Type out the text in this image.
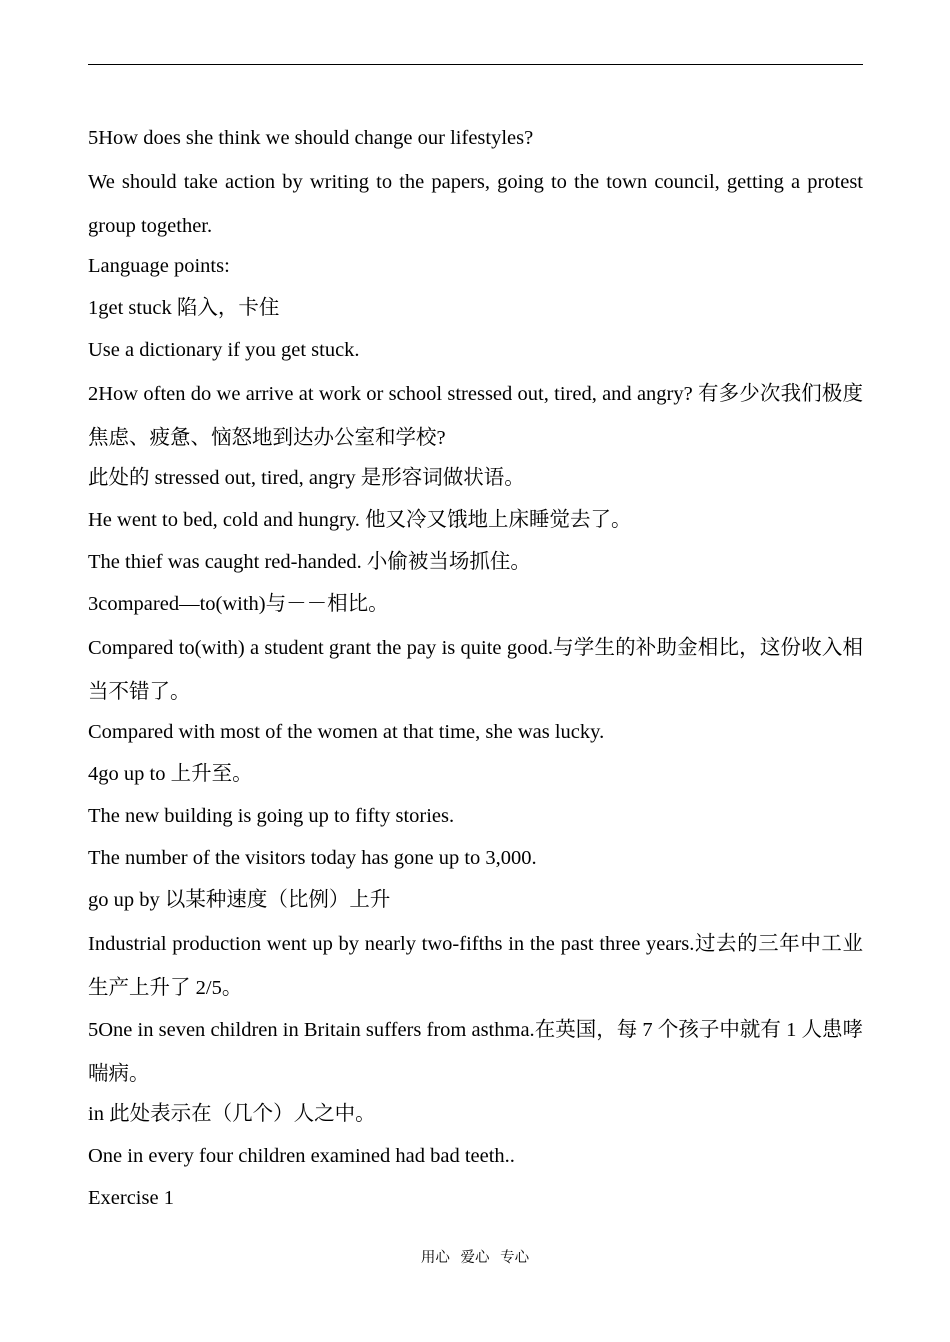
5How does she think we should change our lifestyles?
We should take action by writing to the papers, going to the town council, getting a protest group together.
Language points:
1get stuck 陷入，卡住
Use a dictionary if you get stuck.
2How often do we arrive at work or school stressed out, tired, and angry? 有多少次我们极度焦虑、疲惫、恼怒地到达办公室和学校?
此处的 stressed out, tired, angry 是形容词做状语。
He went to bed, cold and hungry. 他又冷又饿地上床睡觉去了。
The thief was caught red-handed. 小偷被当场抓住。
3compared—to(with)与－－相比。
Compared to(with) a student grant the pay is quite good.与学生的补助金相比，这份收入相当不错了。
Compared with most of the women at that time, she was lucky.
4go up to 上升至。
The new building is going up to fifty stories.
The number of the visitors today has gone up to 3,000.
go up by 以某种速度（比例）上升
Industrial production went up by nearly two-fifths in the past three years.过去的三年中工业生产上升了 2/5。
5One in seven children in Britain suffers from asthma.在英国，每 7 个孩子中就有 1 人患哮喘病。
in 此处表示在（几个）人之中。
One in every four children examined had bad teeth..
Exercise 1
用心 爱心 专心
